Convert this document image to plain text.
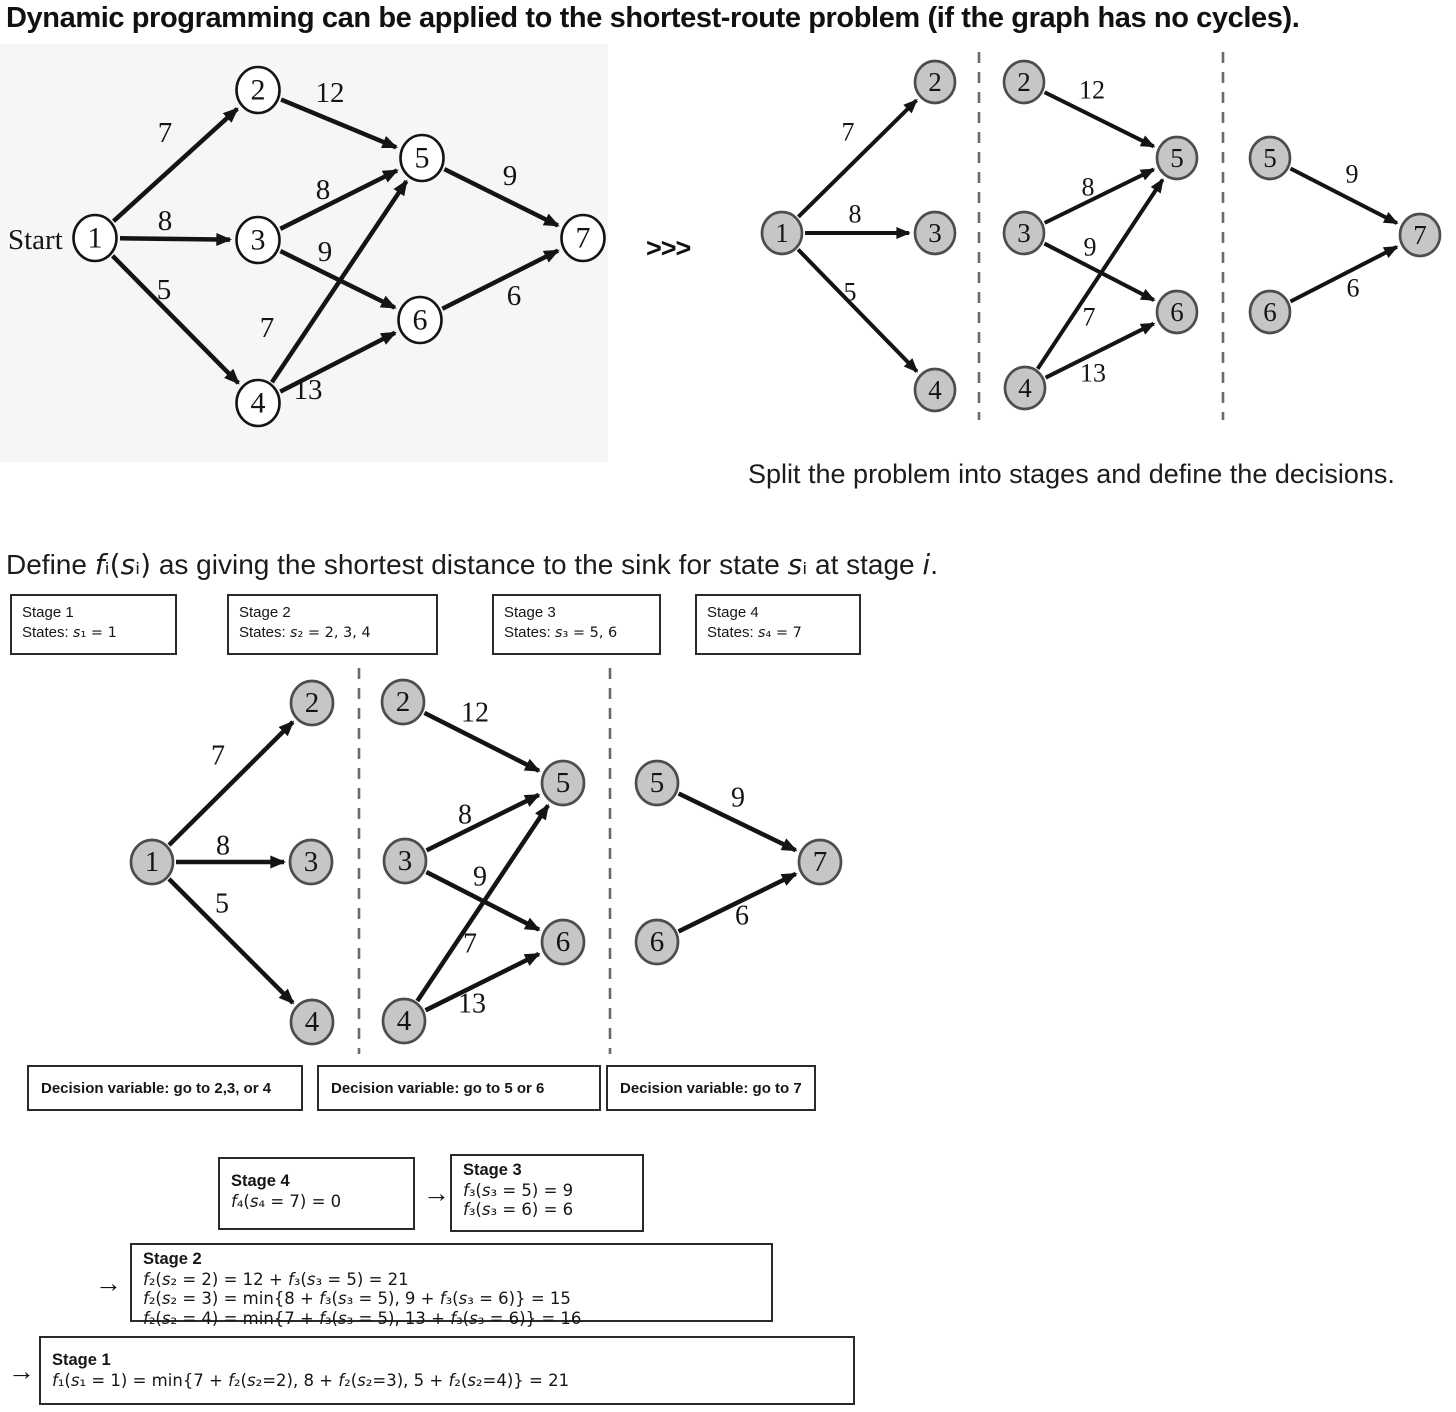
Dynamic programming can be applied to the shortest-route problem (if the graph has no cycles).
7
8
5
12
8
9
7
13
9
6
1
2
3
4
5
6
7
Start	>>>
7
8
5
12
8
9
7
13
9
6
1
2
3
4
2
3
4
5
6
5
6
7
Split the problem into stages and define the decisions.
Define fᵢ(sᵢ) as giving the shortest distance to the sink for state sᵢ at stage i.
Stage 1
States: s₁ = 1
Stage 2
States: s₂ = 2, 3, 4
Stage 3
States: s₃ = 5, 6
Stage 4
States: s₄ = 7
7
8
5
12
8
9
7
13
9
6
1
2
3
4
2
3
4
5
6
5
6
7
Decision variable: go to 2,3, or 4	Decision variable: go to 5 or 6	Decision variable: go to 7
Stage 4
f₄(s₄ = 7) = 0	→
Stage 3
f₃(s₃ = 5) = 9
f₃(s₃ = 6) = 6
→
Stage 2
f₂(s₂ = 2) = 12 + f₃(s₃ = 5) = 21
f₂(s₂ = 3) = min{8 + f₃(s₃ = 5), 9 + f₃(s₃ = 6)} = 15
f₂(s₂ = 4) = min{7 + f₃(s₃ = 5), 13 + f₃(s₃ = 6)} = 16
→ Stage 1
f₁(s₁ = 1) = min{7 + f₂(s₂=2), 8 + f₂(s₂=3), 5 + f₂(s₂=4)} = 21
